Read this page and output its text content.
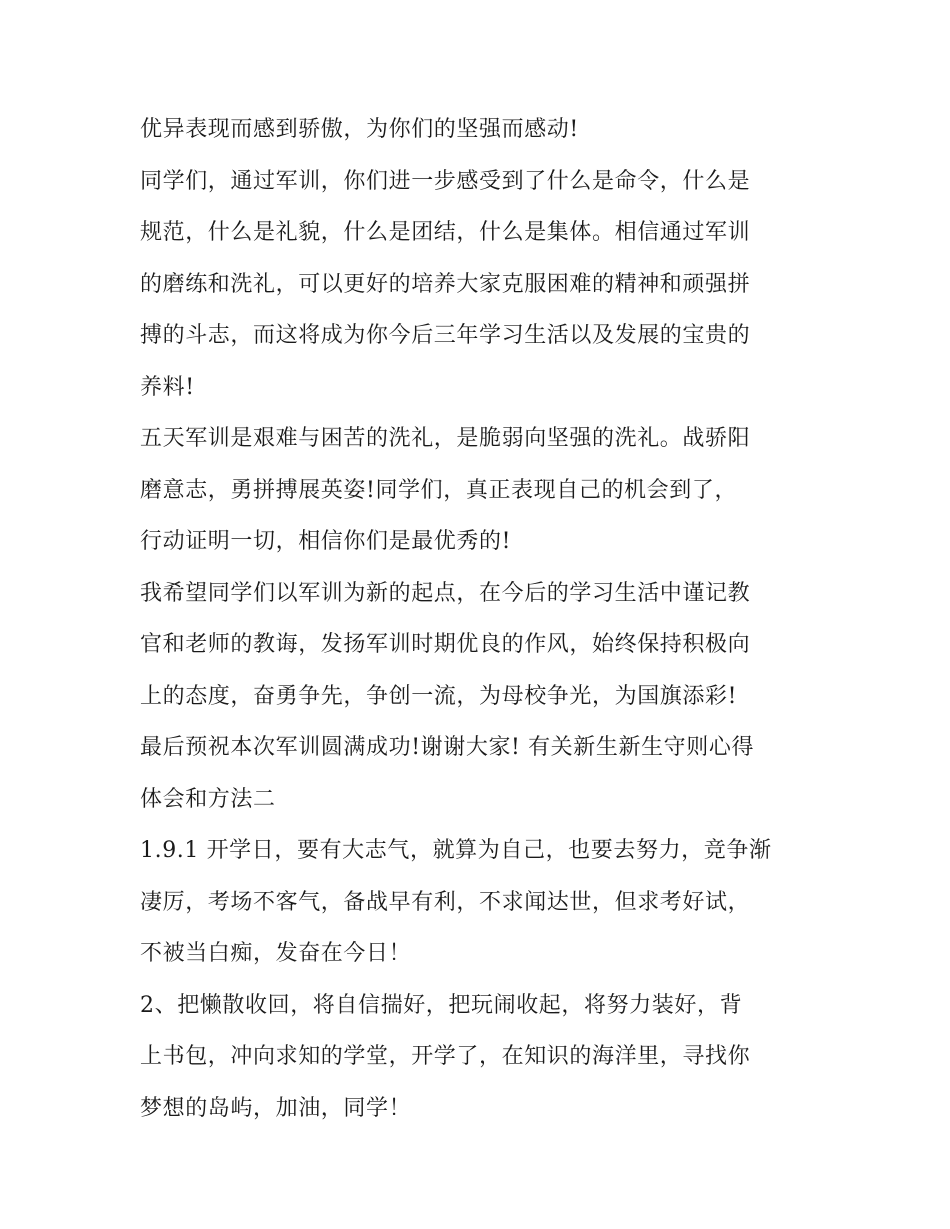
优异表现而感到骄傲，为你们的坚强而感动!
同学们，通过军训，你们进一步感受到了什么是命令，什么是
规范，什么是礼貌，什么是团结，什么是集体。相信通过军训
的磨练和洗礼，可以更好的培养大家克服困难的精神和顽强拼
搏的斗志，而这将成为你今后三年学习生活以及发展的宝贵的
养料!
五天军训是艰难与困苦的洗礼，是脆弱向坚强的洗礼。战骄阳
磨意志，勇拼搏展英姿!同学们，真正表现自己的机会到了，
行动证明一切，相信你们是最优秀的!
我希望同学们以军训为新的起点，在今后的学习生活中谨记教
官和老师的教诲，发扬军训时期优良的作风，始终保持积极向
上的态度，奋勇争先，争创一流，为母校争光，为国旗添彩!
最后预祝本次军训圆满成功!谢谢大家! 有关新生新生守则心得
体会和方法二
1.9.1 开学日，要有大志气，就算为自己，也要去努力，竞争渐
凄厉，考场不客气，备战早有利，不求闻达世，但求考好试，
不被当白痴，发奋在今日！
2、把懒散收回，将自信揣好，把玩闹收起，将努力装好，背
上书包，冲向求知的学堂，开学了，在知识的海洋里，寻找你
梦想的岛屿，加油，同学！
